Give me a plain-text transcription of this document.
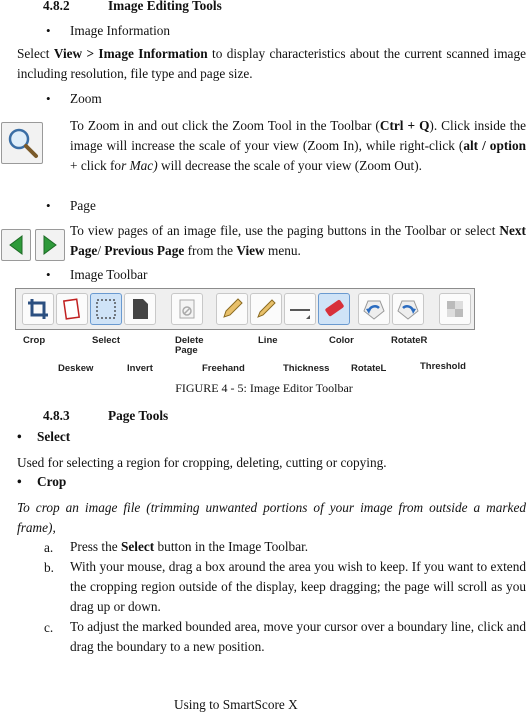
4.8.2	Image Editing Tools
• Image Information
Select View > Image Information to display characteristics about the current scanned image including resolution, file type and page size.
• Zoom
To Zoom in and out click the Zoom Tool in the Toolbar (Ctrl + Q). Click inside the image will increase the scale of your view (Zoom In), while right-click (alt / option + click for Mac) will decrease the scale of your view (Zoom Out).
• Page
To view pages of an image file, use the paging buttons in the Toolbar or select Next Page/ Previous Page from the View menu.
• Image Toolbar
Crop	Select	Delete Page
Line	Color	RotateR
Deskew	Invert	Freehand	Thickness RotateL	Threshold
FIGURE 4 - 5: Image Editor Toolbar
4.8.3	Page Tools
• Select
Used for selecting a region for cropping, deleting, cutting or copying.
• Crop
To crop an image file (trimming unwanted portions of your image from outside a marked frame),
a. Press the Select button in the Image Toolbar.
b. With your mouse, drag a box around the area you wish to keep. If you want to extend the cropping region outside of the display, keep dragging; the page will scroll as you drag up or down.
c. To adjust the marked bounded area, move your cursor over a boundary line, click and drag the boundary to a new position.
Using to SmartScore X
